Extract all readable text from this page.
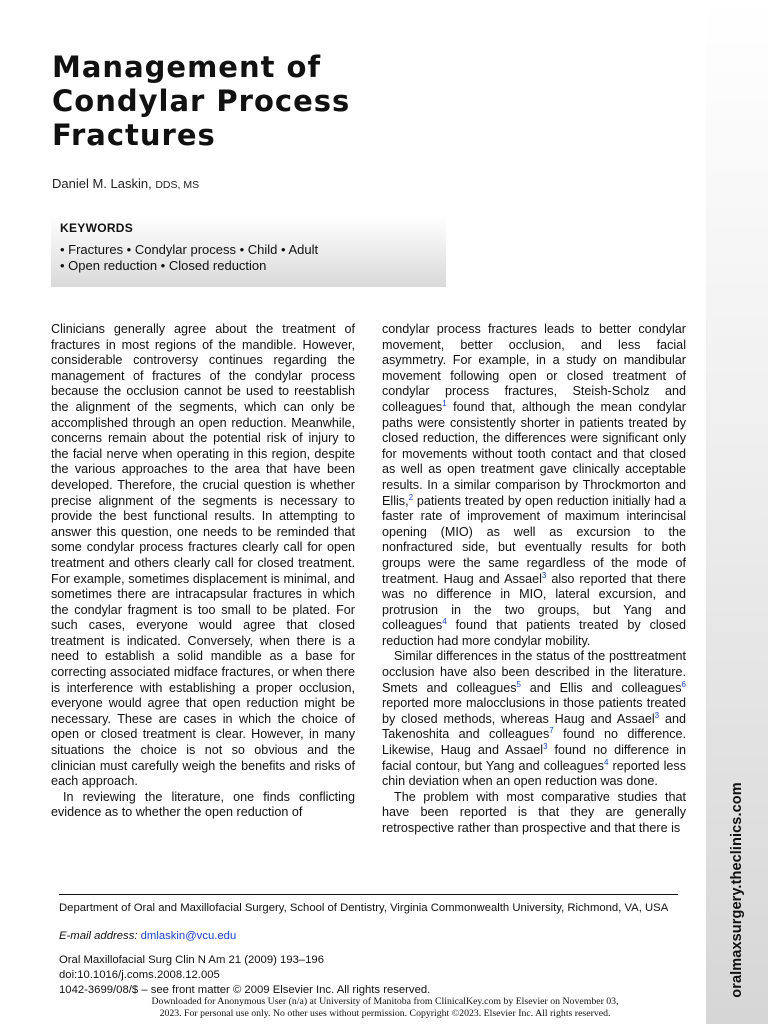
Management of Condylar Process Fractures
Daniel M. Laskin, DDS, MS
KEYWORDS
• Fractures • Condylar process • Child • Adult
• Open reduction • Closed reduction

Clinicians generally agree about the treatment of fractures in most regions of the mandible. However, considerable controversy continues regarding the management of fractures of the condylar process because the occlusion cannot be used to reestablish the alignment of the segments, which can only be accomplished through an open reduction. Meanwhile, concerns remain about the potential risk of injury to the facial nerve when operating in this region, despite the various approaches to the area that have been developed. Therefore, the crucial question is whether precise alignment of the segments is necessary to provide the best functional results. In attempting to answer this question, one needs to be reminded that some condylar process fractures clearly call for open treatment and others clearly call for closed treatment. For example, sometimes displacement is minimal, and sometimes there are intracapsular fractures in which the condylar fragment is too small to be plated. For such cases, everyone would agree that closed treatment is indicated. Conversely, when there is a need to establish a solid mandible as a base for correcting associated midface fractures, or when there is interference with establishing a proper occlusion, everyone would agree that open reduction might be necessary. These are cases in which the choice of open or closed treatment is clear. However, in many situations the choice is not so obvious and the clinician must carefully weigh the benefits and risks of each approach.

In reviewing the literature, one finds conflicting evidence as to whether the open reduction of

condylar process fractures leads to better condylar movement, better occlusion, and less facial asymmetry. For example, in a study on mandibular movement following open or closed treatment of condylar process fractures, Steish-Scholz and colleagues$^1$ found that, although the mean condylar paths were consistently shorter in patients treated by closed reduction, the differences were significant only for movements without tooth contact and that closed as well as open treatment gave clinically acceptable results. In a similar comparison by Throckmorton and Ellis,$^2$ patients treated by open reduction initially had a faster rate of improvement of maximum interincisal opening (MIO) as well as excursion to the nonfractured side, but eventually results for both groups were the same regardless of the mode of treatment. Haug and Assael$^3$ also reported that there was no difference in MIO, lateral excursion, and protrusion in the two groups, but Yang and colleagues$^4$ found that patients treated by closed reduction had more condylar mobility.

Similar differences in the status of the posttreatment occlusion have also been described in the literature. Smets and colleagues$^5$ and Ellis and colleagues$^6$ reported more malocclusions in those patients treated by closed methods, whereas Haug and Assael$^3$ and Takenoshita and colleagues$^7$ found no difference. Likewise, Haug and Assael$^3$ found no difference in facial contour, but Yang and colleagues$^4$ reported less chin deviation when an open reduction was done.

The problem with most comparative studies that have been reported is that they are generally retrospective rather than prospective and that there is

Department of Oral and Maxillofacial Surgery, School of Dentistry, Virginia Commonwealth University, Richmond, VA, USA
E-mail address: dmlaskin@vcu.edu
Oral Maxillofacial Surg Clin N Am 21 (2009) 193–196
doi:10.1016/j.coms.2008.12.005
1042-3699/08/$ – see front matter © 2009 Elsevier Inc. All rights reserved.
Downloaded for Anonymous User (n/a) at University of Manitoba from ClinicalKey.com by Elsevier on November 03,
2023. For personal use only. No other uses without permission. Copyright ©2023. Elsevier Inc. All rights reserved.
oralmaxsurgery.theclinics.com
